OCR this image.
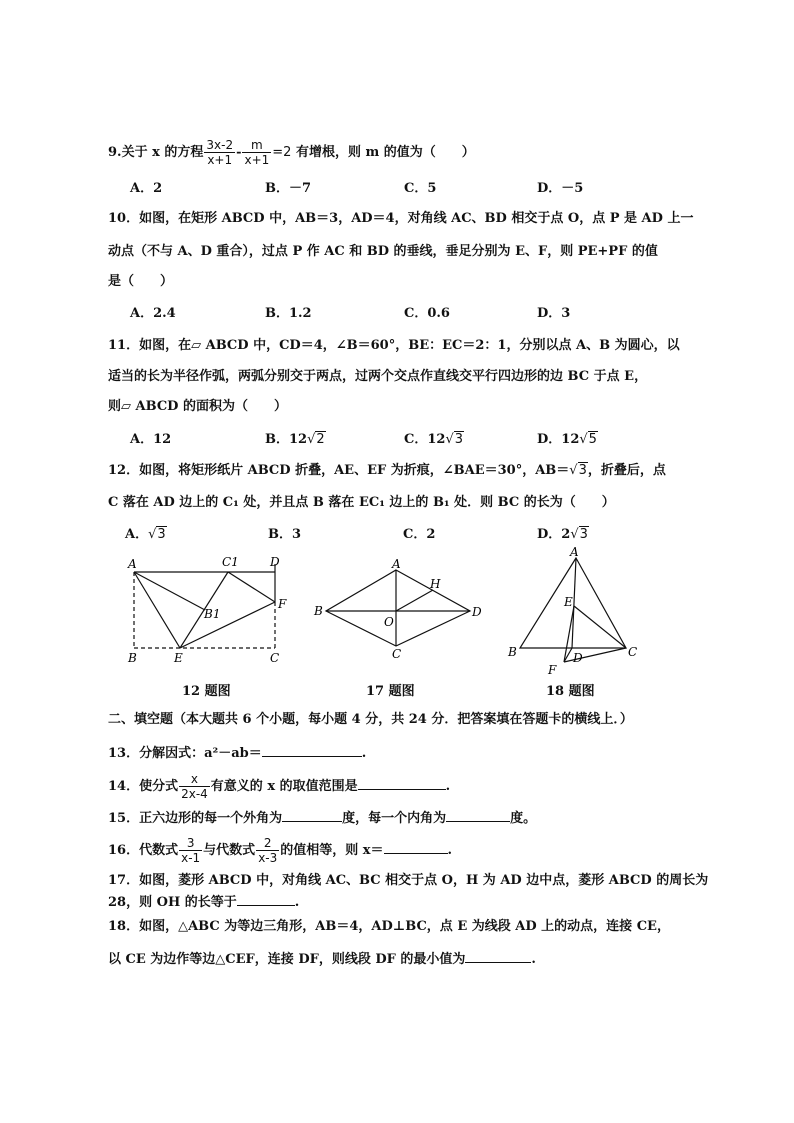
9.关于 x 的方程 $\frac{3x-2}{x+1} - \frac{m}{x+1} =2$ 有增根，则 m 的值为（　　）
A．2	B．－7	C．5	D．－5
10．如图，在矩形 ABCD 中，AB＝3，AD＝4，对角线 AC、BD 相交于点 O，点 P 是 AD 上一
动点（不与 A、D 重合），过点 P 作 AC 和 BD 的垂线，垂足分别为 E、F，则 PE+PF 的值
是（　　）
A．2.4	B．1.2	C．0.6	D．3
11．如图，在▱ ABCD 中，CD＝4，∠B＝60°，BE：EC＝2：1，分别以点 A、B 为圆心，以
适当的长为半径作弧，两弧分别交于两点，过两个交点作直线交平行四边形的边 BC 于点 E，
则▱ ABCD 的面积为（　　）
A．12	B．12√2	C．12√3	D．12√5
12．如图，将矩形纸片 ABCD 折叠，AE、EF 为折痕，∠BAE＝30°，AB＝√3，折叠后，点
C 落在 AD 边上的 C₁ 处，并且点 B 落在 EC₁ 边上的 B₁ 处．则 BC 的长为（　　）
A．√3	B．3	C．2	D．2√3
A	C1	D
B1
F
B	E	C
A
H
B
O
D
C
A
E
B	D	C
F
12 题图	17 题图	18 题图
二、填空题（本大题共 6 个小题，每小题 4 分，共 24 分．把答案填在答题卡的横线上．）
13．分解因式：a²－ab＝	.
14．使分式 $\frac{x}{2x-4}$ 有意义的 x 的取值范围是	.
15．正六边形的每一个外角为	度，每一个内角为	度。
16．代数式 $\frac{3}{x-1}$ 与代数式 $\frac{2}{x-3}$ 的值相等，则 x＝	.
17．如图，菱形 ABCD 中，对角线 AC、BC 相交于点 O，H 为 AD 边中点，菱形 ABCD 的周长为
28，则 OH 的长等于	.
18．如图，△ABC 为等边三角形，AB＝4，AD⊥BC，点 E 为线段 AD 上的动点，连接 CE，
以 CE 为边作等边△CEF，连接 DF，则线段 DF 的最小值为	.
